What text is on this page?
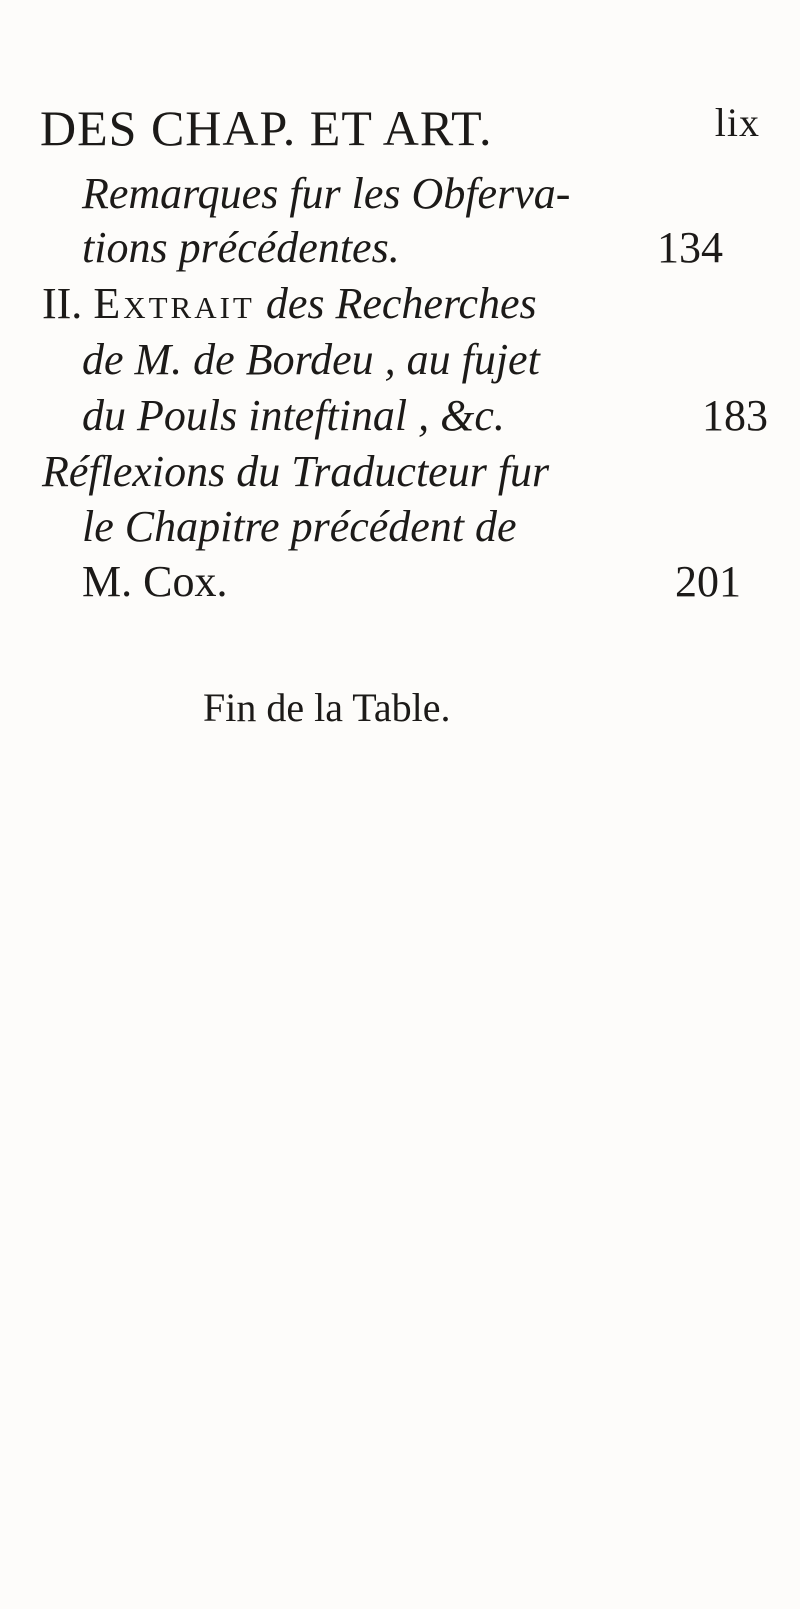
DES CHAP. ET ART.	lix
Remarques fur les Obferva-
tions précédentes.	134
II. Extrait des Recherches
de M. de Bordeu , au fujet
du Pouls inteftinal , &c.	183
Réflexions du Traducteur fur
le Chapitre précédent de
M. Cox.	201
Fin de la Table.
